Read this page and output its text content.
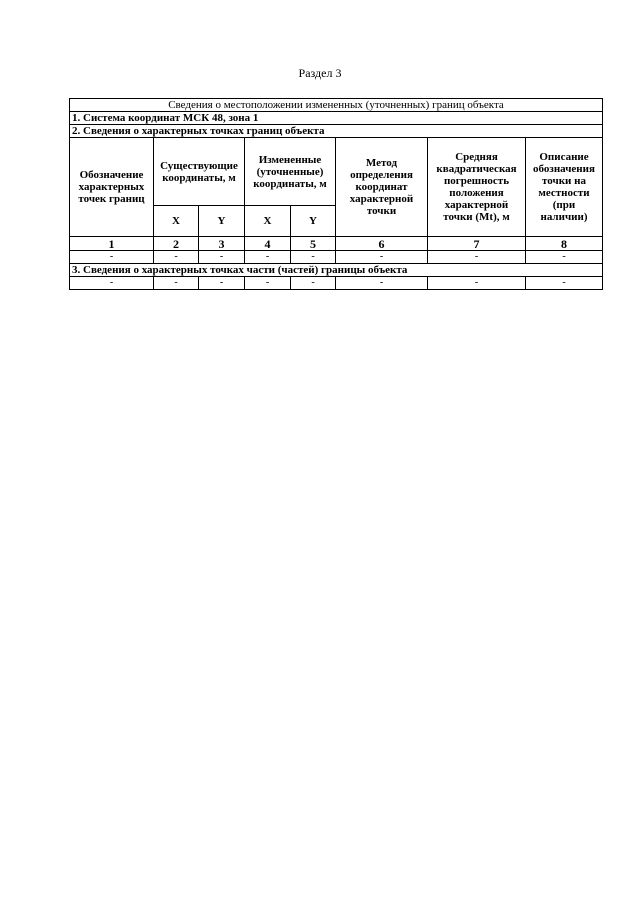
Раздел 3
Сведения о местоположении измененных (уточненных) границ объекта							
1. Система координат МСК 48, зона 1							
2. Сведения о характерных точках границ объекта							
Обозначение характерных точек границ	Существующие координаты, м		Измененные (уточненные) координаты, м		Метод определения координат характерной точки	Средняя квадратическая погрешность положения характерной точки (Mt), м	Описание обозначения точки на местности (при наличии)
	X	Y	X	Y			
1	2	3	4	5	6	7	8
-	-	-	-	-	-	-	-
3. Сведения о характерных точках части (частей) границы объекта							
-	-	-	-	-	-	-	-
